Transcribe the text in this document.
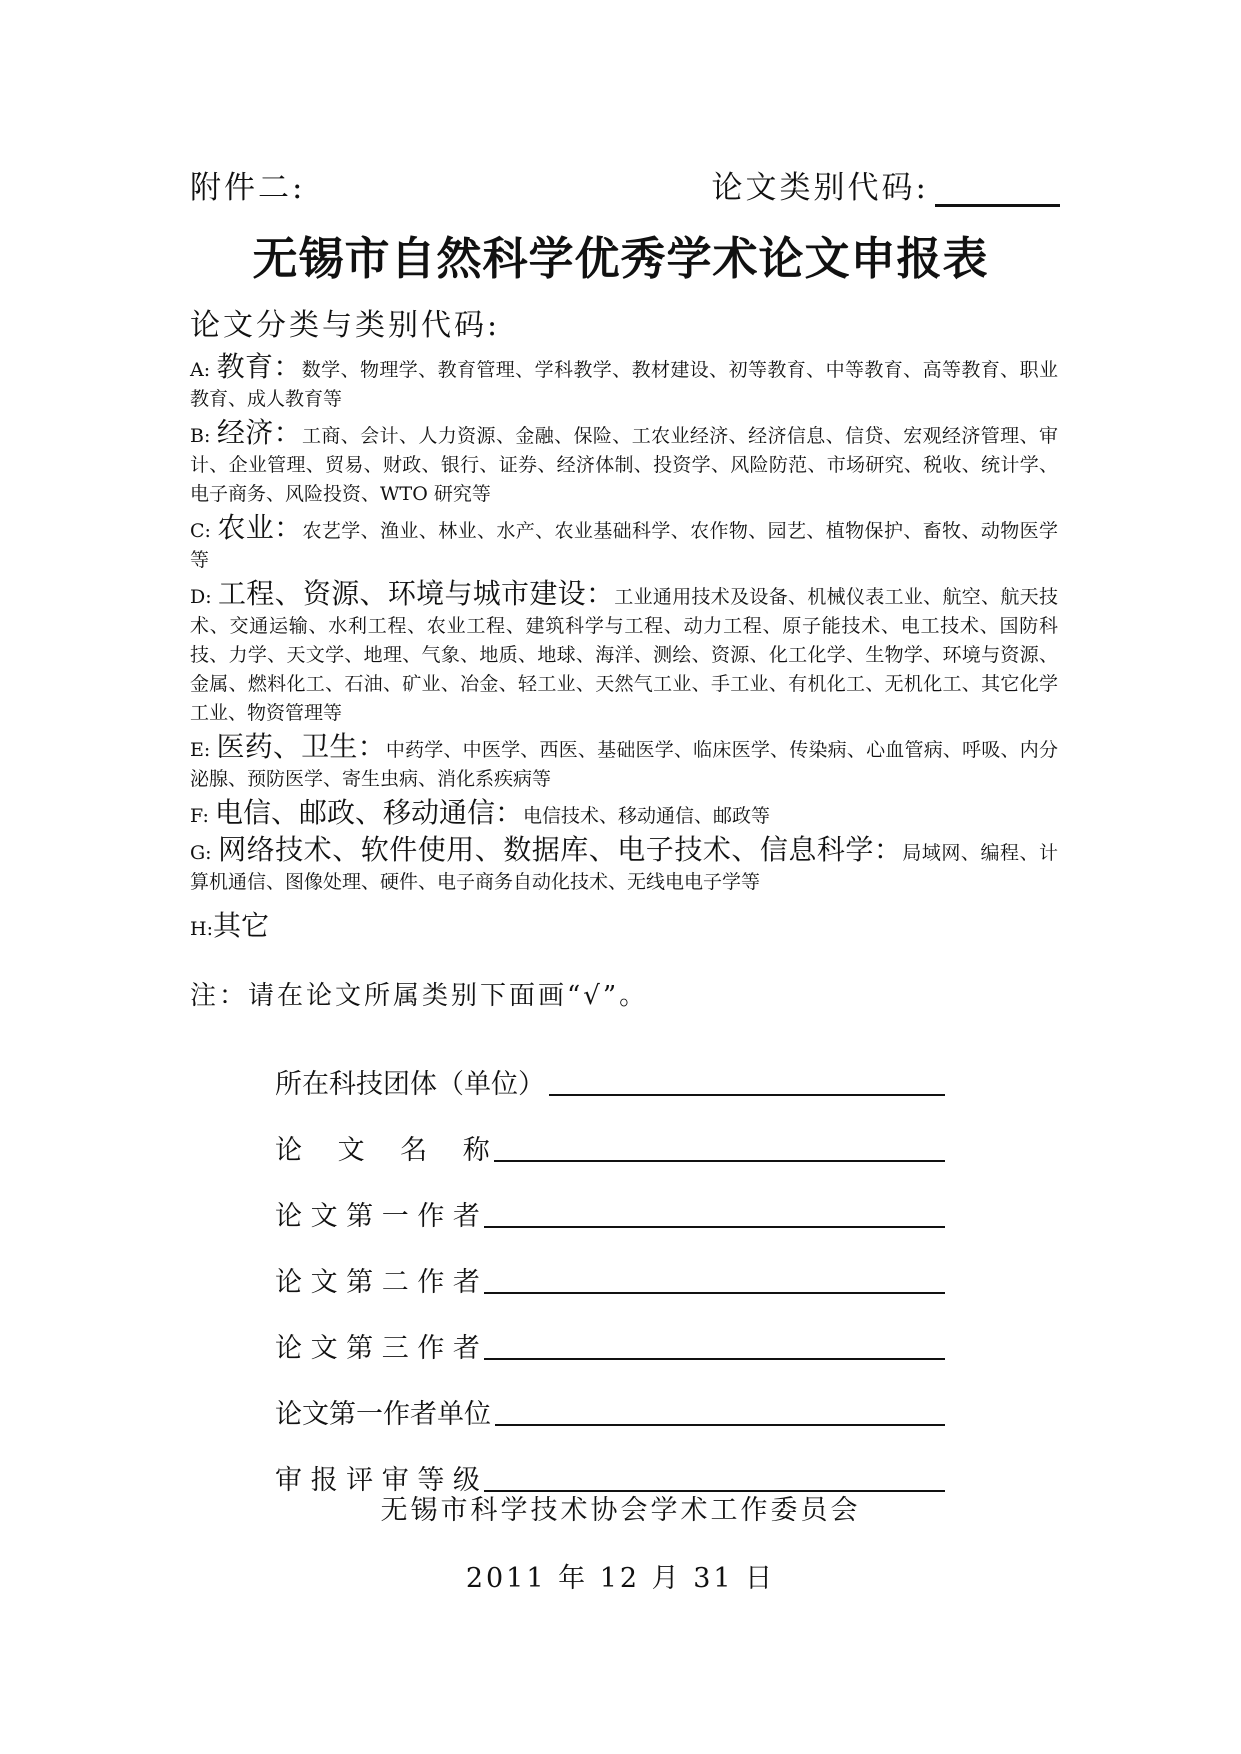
附件二:	论文类别代码:
无锡市自然科学优秀学术论文申报表
论文分类与类别代码:
A: 教育：数学、物理学、教育管理、学科教学、教材建设、初等教育、中等教育、高等教育、职业教育、成人教育等
B: 经济：工商、会计、人力资源、金融、保险、工农业经济、经济信息、信贷、宏观经济管理、审计、企业管理、贸易、财政、银行、证券、经济体制、投资学、风险防范、市场研究、税收、统计学、电子商务、风险投资、WTO 研究等
C: 农业：农艺学、渔业、林业、水产、农业基础科学、农作物、园艺、植物保护、畜牧、动物医学等
D: 工程、资源、环境与城市建设：工业通用技术及设备、机械仪表工业、航空、航天技术、交通运输、水利工程、农业工程、建筑科学与工程、动力工程、原子能技术、电工技术、国防科技、力学、天文学、地理、气象、地质、地球、海洋、测绘、资源、化工化学、生物学、环境与资源、金属、燃料化工、石油、矿业、冶金、轻工业、天然气工业、手工业、有机化工、无机化工、其它化学工业、物资管理等
E: 医药、卫生：中药学、中医学、西医、基础医学、临床医学、传染病、心血管病、呼吸、内分泌腺、预防医学、寄生虫病、消化系疾病等
F: 电信、邮政、移动通信：电信技术、移动通信、邮政等
G: 网络技术、软件使用、数据库、电子技术、信息科学：局域网、编程、计算机通信、图像处理、硬件、电子商务自动化技术、无线电电子学等
H:其它
注：请在论文所属类别下面画“√”。
所在科技团体（单位）
论　 文　 名　 称
论 文 第 一 作 者
论 文 第 二 作 者
论 文 第 三 作 者
论文第一作者单位
审 报 评 审 等 级
无锡市科学技术协会学术工作委员会
2011 年 12 月 31 日
